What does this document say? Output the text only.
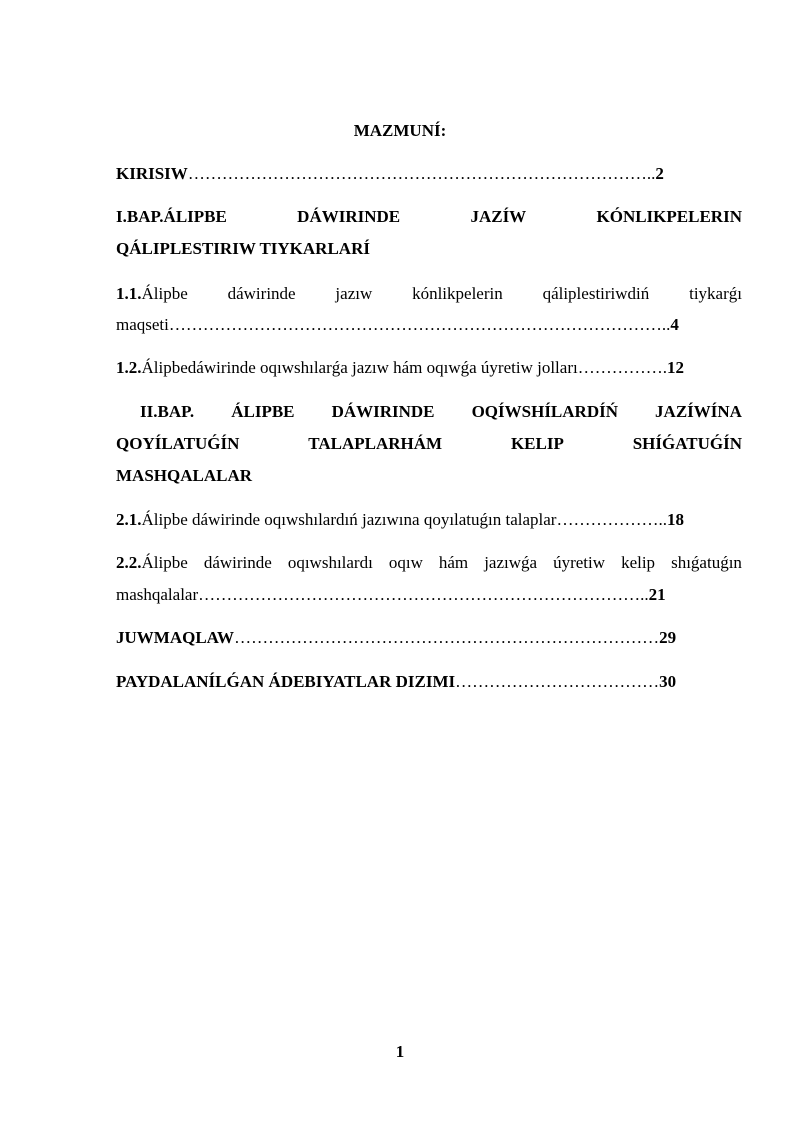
MAZMUNÍ:
KIRISIW………………………………………………………………………..2
I.BAP.ÁLIPBE	DÁWIRINDE	JAZÍW	KÓNLIKPELERIN
QÁLIPLESTIRIW TIYKARLARÍ
1.1.Álipbe dáwirinde jazıw kónlikpelerin qáliplestiriwdiń tiykarǵı
maqseti……………………………………………………………………………..4
1.2.Álipbedáwirinde oqıwshılarǵa jazıw hám oqıwǵa úyretiw jolları…………….12
II.BAP. ÁLIPBE DÁWIRINDE OQÍWSHÍLARDÍŃ JAZÍWÍNA
QOYÍLATUǴÍN	TALAPLARHÁM	KELIP	SHÍǴATUǴÍN
MASHQALALAR
2.1.Álipbe dáwirinde oqıwshılardıń jazıwına qoyılatuǵın talaplar………………..18
2.2.Álipbe dáwirinde oqıwshılardı oqıw hám jazıwǵa úyretiw kelip shıǵatuǵın
mashqalalar……………………………………………………………………..21
JUWMAQLAW…………………………………………………………………29
PAYDALANÍLǴAN ÁDEBIYATLAR DIZIMI………………………………30
1
